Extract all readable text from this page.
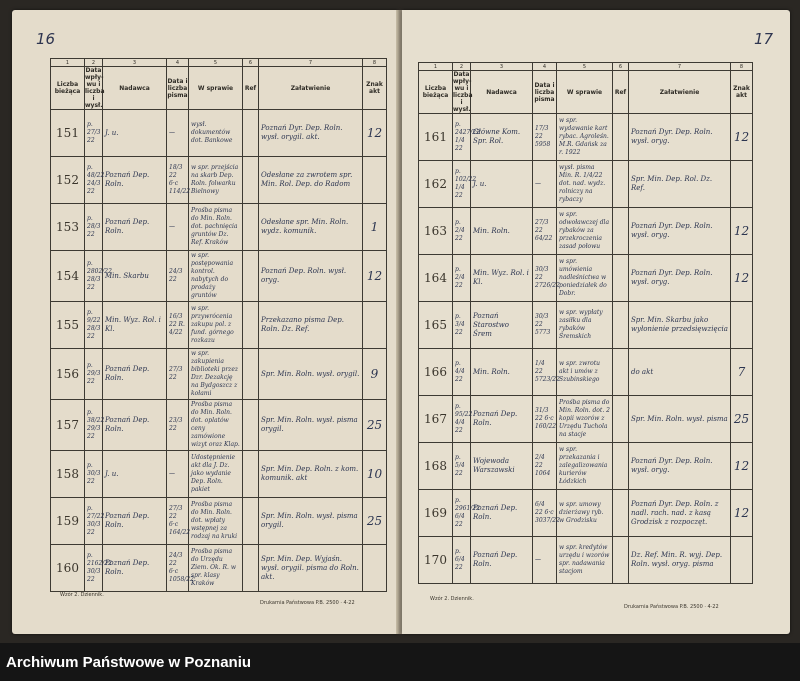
16
1	2	3	4	5	6	7	8
Liczba bieżąca	Data wpły-wu i liczba i wysł.	Nadawca	Data i liczba pisma	W sprawie	Ref	Załatwienie	Znak akt
151	p. 27/3 22	J. u.	—	wysł. dokumentów dot. Bankowe		Poznań Dyr. Dep. Roln. wysł. orygil. akt.	12
152	p. 48/22 24/3 22	Poznań Dep. Roln.	18/3 22 6·c 114/22	w spr. przejścia na skarb Dep. Roln. folwarku Bielnowy		Odesłane za zwrotem spr. Min. Rol. Dep. do Radom	
153	p. 28/3 22	Poznań Dep. Roln.	—	Prośba pisma do Min. Roln. dot. pachnięcia gruntów Dz. Ref. Kraków		Odesłane spr. Min. Roln. wydz. komunik.	1
154	p. 2802/22 28/3 22	Min. Skarbu	24/3 22	w spr. postępowania kontrol. nabytych do prodaży gruntów		Poznań Dep. Roln. wysł. oryg.	12
155	p. 9/22 28/3 22	Min. Wyz. Rol. i Kl.	16/3 22 R. 4/22	w spr. przywrócenia zakupu pol. z fund. górnego rozkazu		Przekazano pisma Dep. Roln. Dz. Ref.	
156	p. 29/3 22	Poznań Dep. Roln.	27/3 22	w spr. zakupienia biblioteki przez Dzr. Dezakcję na Bydgoszcz z kołami		Spr. Min. Roln. wysł. orygil.	9
157	p. 38/22 29/3 22	Poznań Dep. Roln.	23/3 22	Prośba pisma do Min. Roln. dot. oplatów ceny zamówione wizyt oraz Klap.		Spr. Min. Roln. wysł. pisma orygil.	25
158	p. 30/3 22	J. u.	—	Udostępnienie akt dla J. Dz. jako wydanie Dep. Roln. pakiet		Spr. Min. Dep. Roln. z kom. komunik. akt	10
159	p. 27/22 30/3 22	Poznań Dep. Roln.	27/3 22 6·c 164/22	Prośba pisma do Min. Roln. dot. wpłaty wstępnej za rodzaj na kruki		Spr. Min. Roln. wysł. pisma orygil.	25
160	p. 2162/22 30/3 22	Poznań Dep. Roln.	24/3 22 6·c 1058/22	Prośba pisma do Urzędu Ziem. Ok. R. w spr. klasy Kraków		Spr. Min. Dep. Wyjaśn. wysł. orygil. pisma do Roln. akt.	
Wzór 2. Dziennik.
Drukarnia Państwowa P.B. 2500 · 4·22
17
1	2	3	4	5	6	7	8
Liczba bieżąca	Data wpły-wu i liczba i wysł.	Nadawca	Data i liczba pisma	W sprawie	Ref	Załatwienie	Znak akt
161	p. 2427/22 1/4 22	Główne Kom. Spr. Rol.	17/3 22 5958	w spr. wydawanie kart rybac. Agroleśn. M.R. Gdańsk za r. 1922		Poznań Dyr. Dep. Roln. wysł. oryg.	12
162	p. 102/22 1/4 22	J. u.	—	wysł. pisma Min. R. 1/4/22 dot. nad. wydz. rolniczy na rybaczy		Spr. Min. Dep. Rol. Dz. Ref.	
163	p. 2/4 22	Min. Roln.	27/3 22 64/22	w spr. odwoławczej dla rybaków za przekroczenia zasad połowu		Poznań Dyr. Dep. Roln. wysł. oryg.	12
164	p. 2/4 22	Min. Wyz. Rol. i Kl.	30/3 22 2726/22	w spr. umówienia nadleśnictwa w poniedziałek do Dobr.		Poznań Dyr. Dep. Roln. wysł. oryg.	12
165	p. 3/4 22	Poznań Starostwo Śrem	30/3 22 5773	w spr. wypłaty zasiłku dla rybaków Śremskich		Spr. Min. Skarbu jako wyłonienie przedsięwzięcia	
166	p. 4/4 22	Min. Roln.	1/4 22 5723/22	w spr. zwrotu akt i umów z Szubinskiego		do akt	7
167	p. 95/22 4/4 22	Poznań Dep. Roln.	31/3 22 6·c 160/22	Prośba pisma do Min. Roln. dot. 2 kopii wzorów z Urzędu Tuchola na stacje		Spr. Min. Roln. wysł. pisma	25
168	p. 5/4 22	Wojewoda Warszawski	2/4 22 1064	w spr. przekazania i zalegalizowania kurierów Łódzkich		Poznań Dyr. Dep. Roln. wysł. oryg.	12
169	p. 2961/22 6/4 22	Poznań Dep. Roln.	6/4 22 6·c 3037/22	w spr. umowy dzierżawy ryb. w Grodzisku		Poznań Dyr. Dep. Roln. z nadl. rach. nad. z kasą Grodzisk z rozpoczęt.	12
170	p. 6/4 22	Poznań Dep. Roln.	—	w spr. kredytów urzędu i wzorów spr. nadawania stacjom		Dz. Ref. Min. R. wyj. Dep. Roln. wysł. oryg. pisma	
Wzór 2. Dziennik.
Drukarnia Państwowa P.B. 2500 · 4·22
Archiwum Państwowe w Poznaniu
